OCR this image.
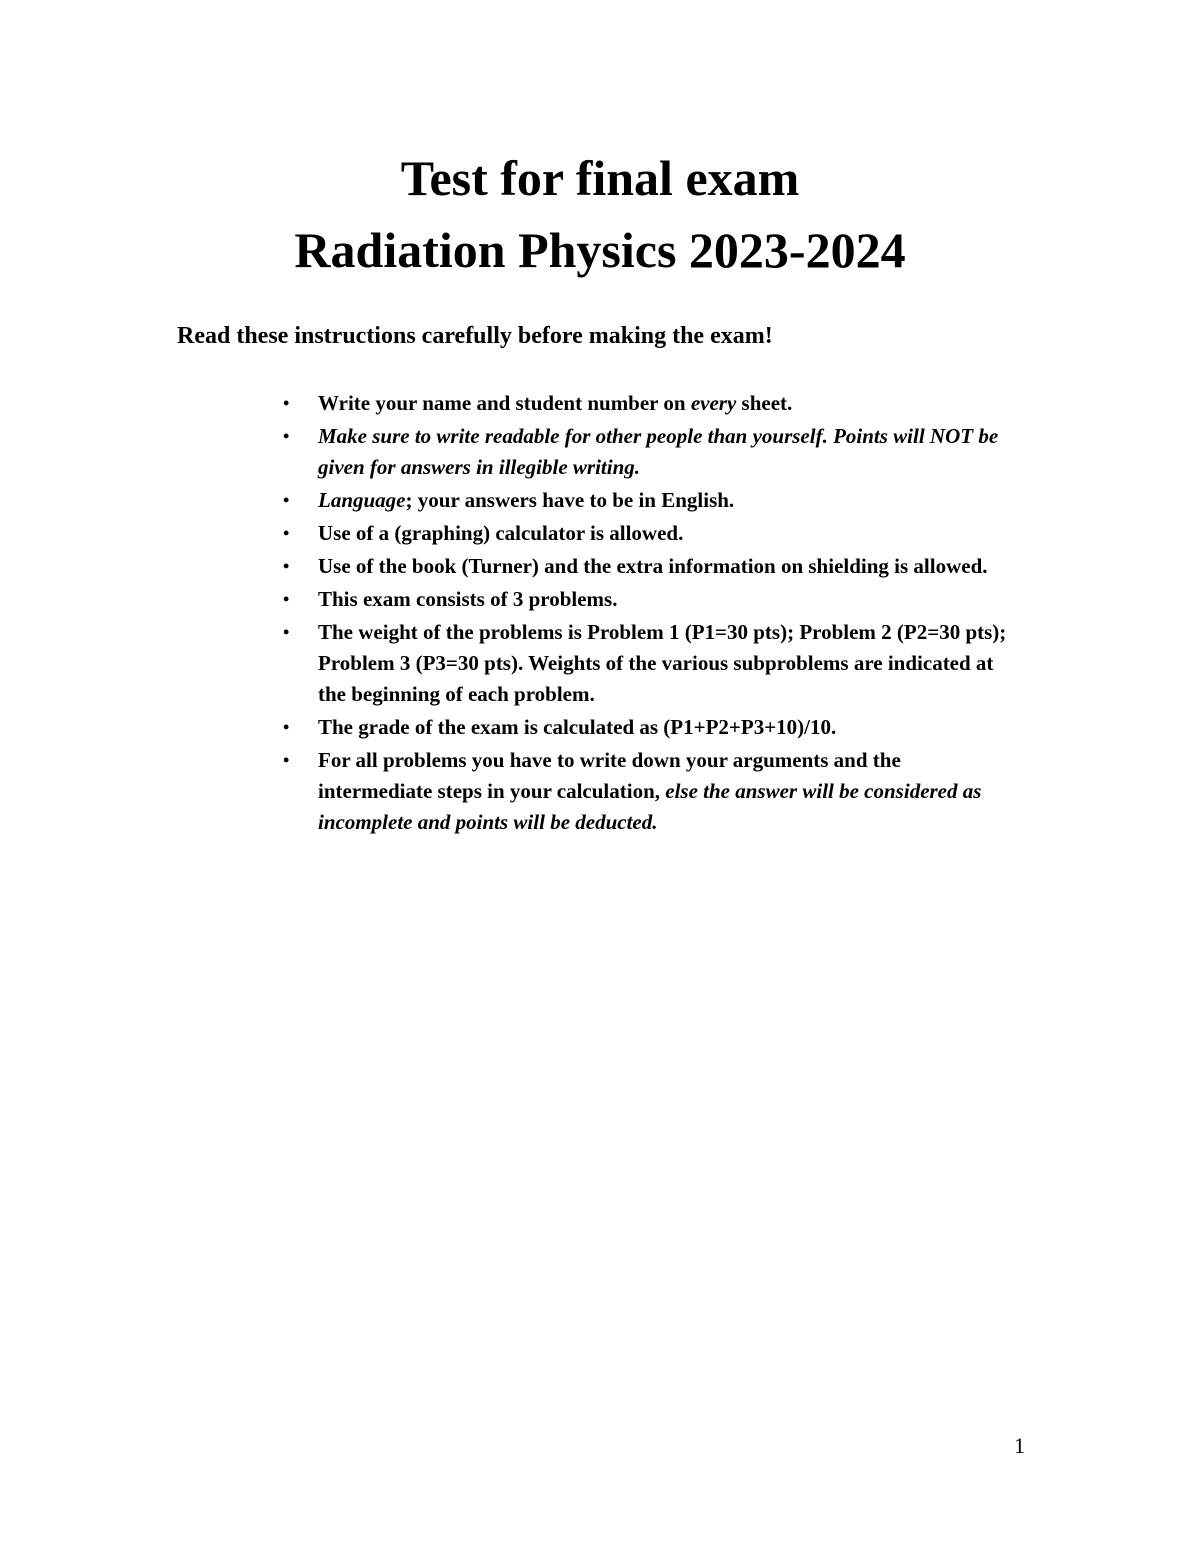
Test for final exam
Radiation Physics 2023-2024
Read these instructions carefully before making the exam!
• Write your name and student number on every sheet.
• Make sure to write readable for other people than yourself. Points will NOT be given for answers in illegible writing.
• Language; your answers have to be in English.
• Use of a (graphing) calculator is allowed.
• Use of the book (Turner) and the extra information on shielding is allowed.
• This exam consists of 3 problems.
• The weight of the problems is Problem 1 (P1=30 pts); Problem 2 (P2=30 pts); Problem 3 (P3=30 pts). Weights of the various subproblems are indicated at the beginning of each problem.
• The grade of the exam is calculated as (P1+P2+P3+10)/10.
• For all problems you have to write down your arguments and the intermediate steps in your calculation, else the answer will be considered as incomplete and points will be deducted.
1
